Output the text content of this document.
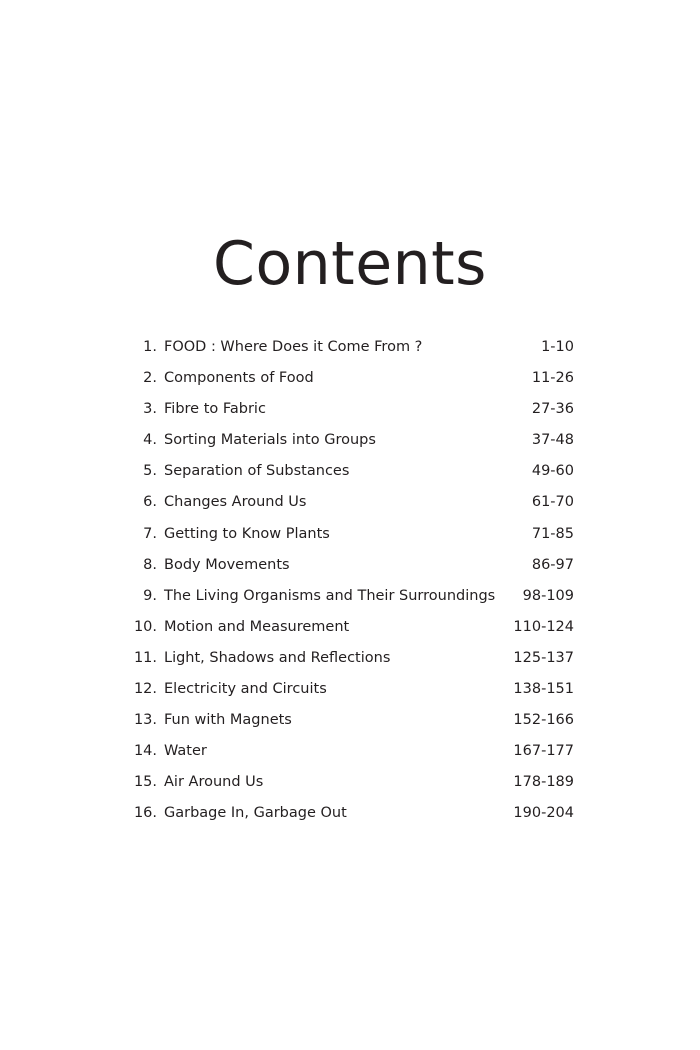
Contents
1. FOOD : Where Does it Come From ?	1-10
2. Components of Food	11-26
3. Fibre to Fabric	27-36
4. Sorting Materials into Groups	37-48
5. Separation of Substances	49-60
6. Changes Around Us	61-70
7. Getting to Know Plants	71-85
8. Body Movements	86-97
9. The Living Organisms and Their Surroundings 98-109
10. Motion and Measurement	110-124
11. Light, Shadows and Reflections	125-137
12. Electricity and Circuits	138-151
13. Fun with Magnets	152-166
14. Water	167-177
15. Air Around Us	178-189
16. Garbage In, Garbage Out	190-204
